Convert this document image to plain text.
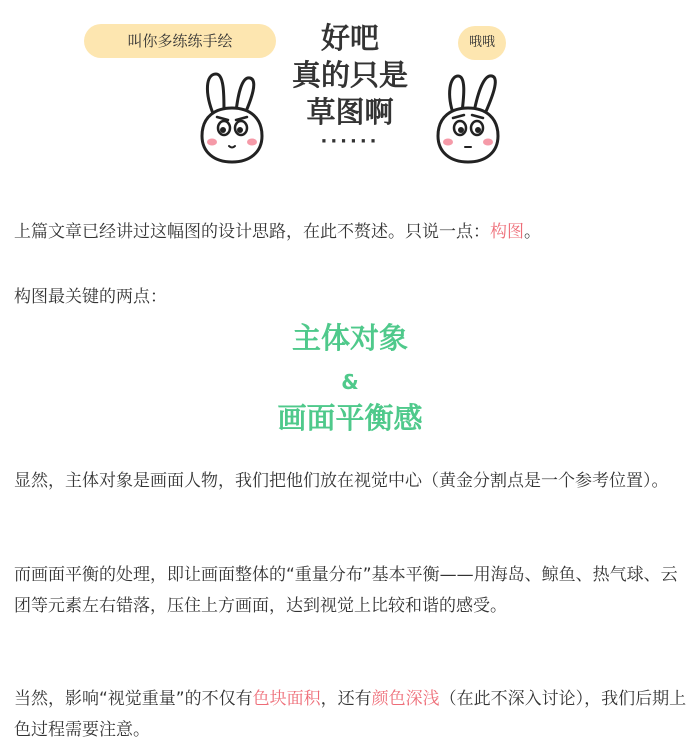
叫你多练练手绘	哦哦
好吧
真的只是
草图啊
······
上篇文章已经讲过这幅图的设计思路，在此不赘述。只说一点：构图。
构图最关键的两点：
主体对象
&
画面平衡感
显然，主体对象是画面人物，我们把他们放在视觉中心（黄金分割点是一个参考位置）。
而画面平衡的处理，即让画面整体的“重量分布”基本平衡——用海岛、鲸鱼、热气球、云团等元素左右错落，压住上方画面，达到视觉上比较和谐的感受。
当然，影响“视觉重量”的不仅有色块面积，还有颜色深浅（在此不深入讨论），我们后期上色过程需要注意。
